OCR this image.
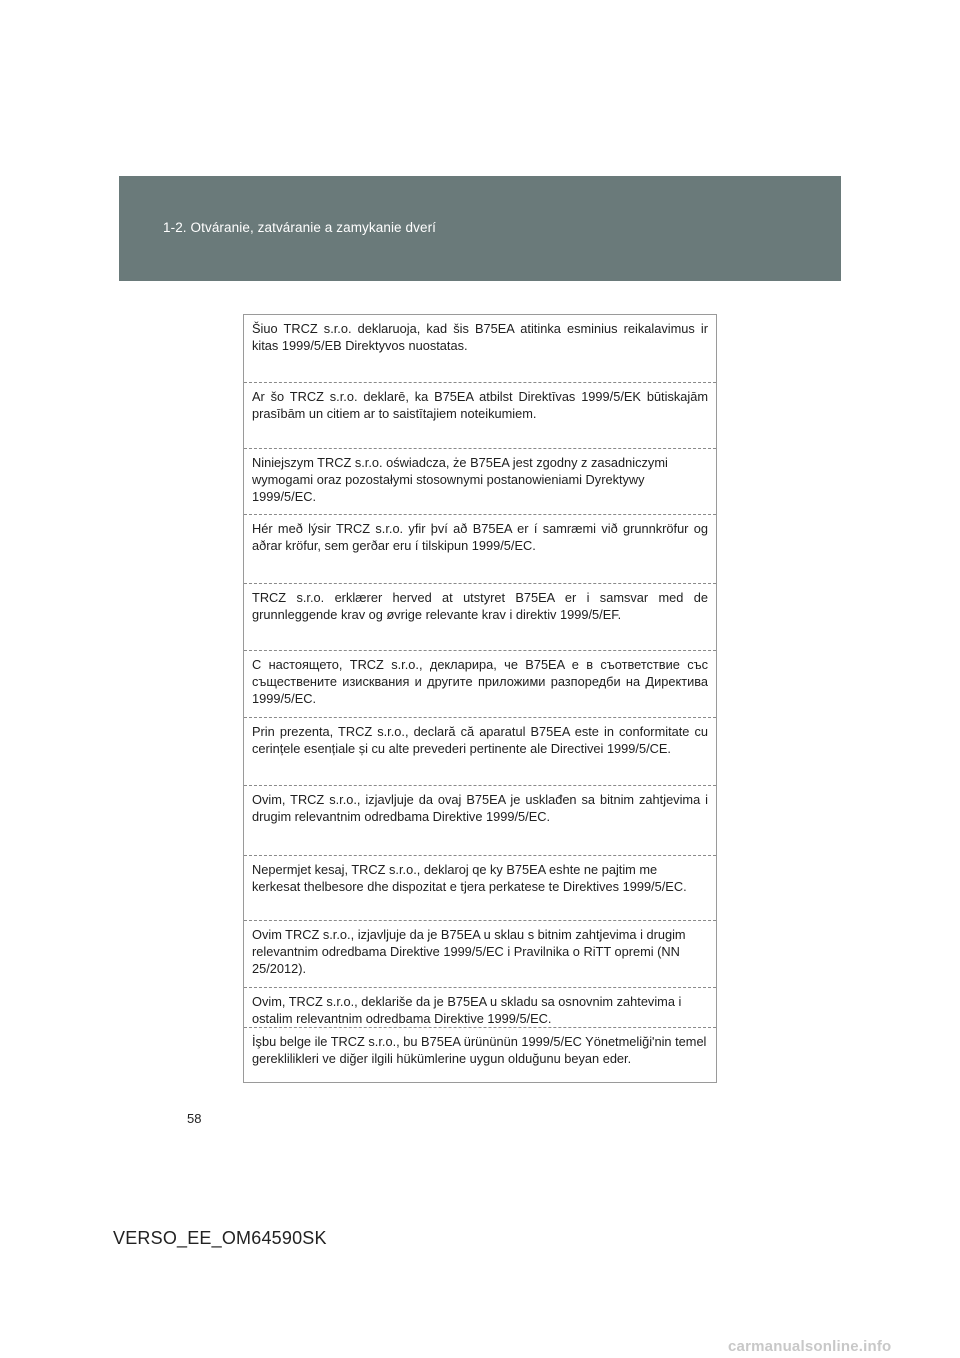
1-2. Otváranie, zatváranie a zamykanie dverí
Šiuo TRCZ s.r.o. deklaruoja, kad šis B75EA atitinka esminius reikalavimus ir kitas 1999/5/EB Direktyvos nuostatas.
Ar šo TRCZ s.r.o. deklarē, ka B75EA atbilst Direktīvas 1999/5/EK būtiskajām prasībām un citiem ar to saistītajiem noteikumiem.
Niniejszym TRCZ s.r.o. oświadcza, że B75EA jest zgodny z zasadniczymi wymogami oraz pozostałymi stosownymi postanowieniami Dyrektywy 1999/5/EC.
Hér með lýsir TRCZ s.r.o. yfir því að B75EA er í samræmi við grunnkröfur og aðrar kröfur, sem gerðar eru í tilskipun 1999/5/EC.
TRCZ s.r.o. erklærer herved at utstyret B75EA er i samsvar med de grunnleggende krav og øvrige relevante krav i direktiv 1999/5/EF.
С настоящето, TRCZ s.r.o., декларира, че B75EA е в съответствие със съществените изисквания и другите приложими разпоредби на Директива 1999/5/EC.
Prin prezenta, TRCZ s.r.o., declară că aparatul B75EA este in conformitate cu cerințele esențiale și cu alte prevederi pertinente ale Directivei 1999/5/CE.
Ovim, TRCZ s.r.o., izjavljuje da ovaj B75EA je usklađen sa bitnim zahtjevima i drugim relevantnim odredbama Direktive 1999/5/EC.
Nepermjet kesaj, TRCZ s.r.o., deklaroj qe ky B75EA eshte ne pajtim me kerkesat thelbesore dhe dispozitat e tjera perkatese te Direktives 1999/5/EC.
Ovim TRCZ s.r.o., izjavljuje da je B75EA u sklau s bitnim zahtjevima i drugim relevantnim odredbama Direktive 1999/5/EC i Pravilnika o RiTT opremi (NN 25/2012).
Ovim, TRCZ s.r.o., deklariše da je B75EA u skladu sa osnovnim zahtevima i ostalim relevantnim odredbama Direktive 1999/5/EC.
İşbu belge ile TRCZ s.r.o., bu B75EA ürününün 1999/5/EC Yönetmeliği'nin temel gereklilikleri ve diğer ilgili hükümlerine uygun olduğunu beyan eder.
58
VERSO_EE_OM64590SK
carmanualsonline.info
